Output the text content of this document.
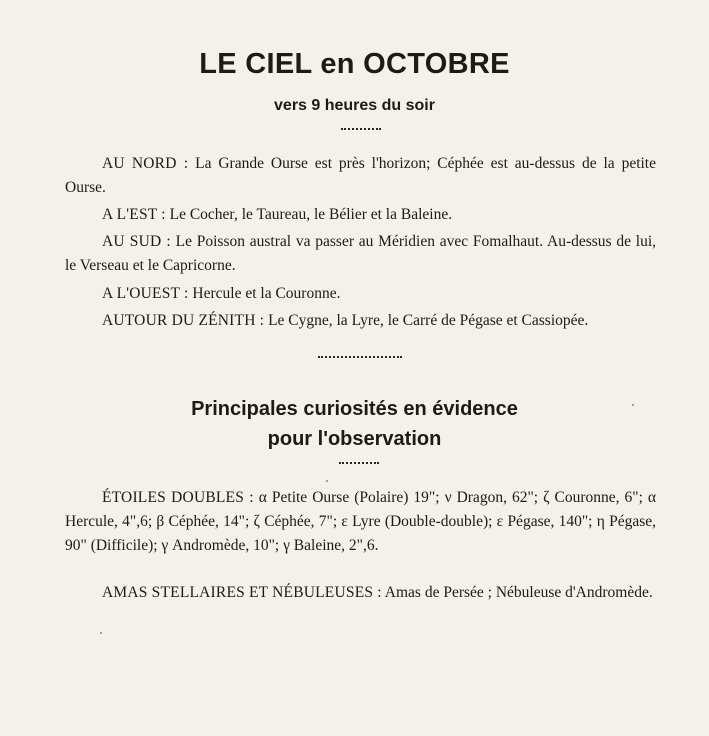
LE CIEL en OCTOBRE
vers 9 heures du soir

AU NORD : La Grande Ourse est près l'horizon; Céphée est au-dessus de la petite Ourse.

A L'EST : Le Cocher, le Taureau, le Bélier et la Baleine.

AU SUD : Le Poisson austral va passer au Méridien avec Fomalhaut. Au-dessus de lui, le Verseau et le Capricorne.

A L'OUEST : Hercule et la Couronne.

AUTOUR DU ZÉNITH : Le Cygne, la Lyre, le Carré de Pégase et Cassiopée.

Principales curiosités en évidence
pour l'observation

ÉTOILES DOUBLES : α Petite Ourse (Polaire) 19"; ν Dragon, 62"; ζ Couronne, 6"; α Hercule, 4",6; β Céphée, 14"; ζ Céphée, 7"; ε Lyre (Double-double); ε Pégase, 140"; η Pégase, 90" (Difficile); γ Andromède, 10"; γ Baleine, 2",6.

AMAS STELLAIRES ET NÉBULEUSES : Amas de Persée ; Nébuleuse d'Andromède.
